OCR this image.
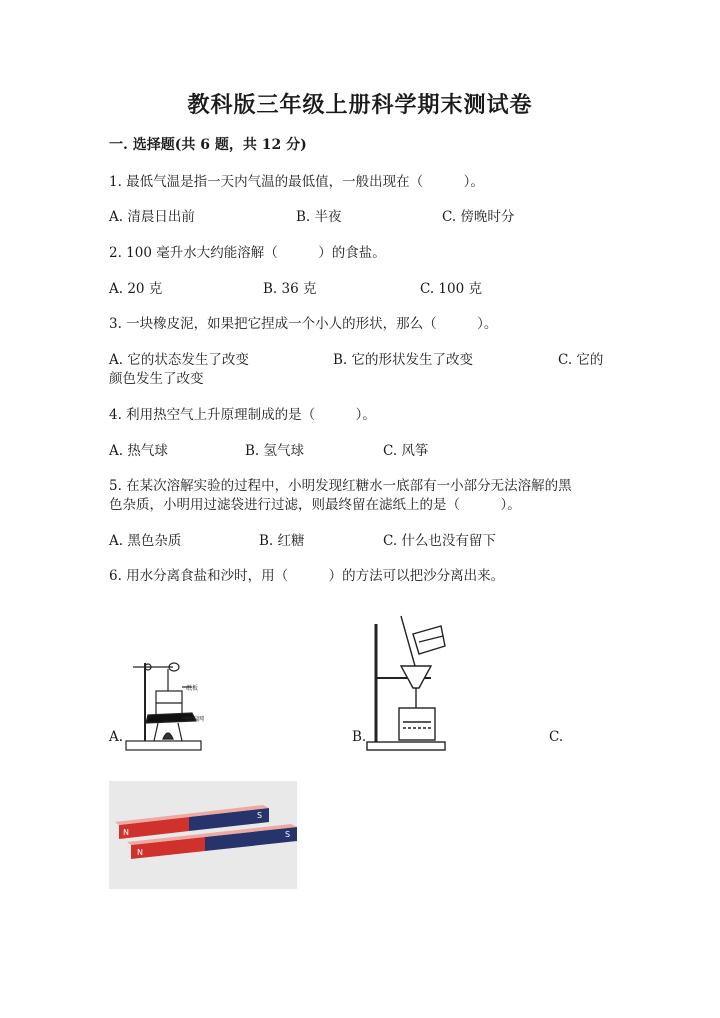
教科版三年级上册科学期末测试卷
一. 选择题(共 6 题，共 12 分)
1. 最低气温是指一天内气温的最低值，一般出现在（　　　）。
A. 清晨日出前	B. 半夜	C. 傍晚时分
2. 100 毫升水大约能溶解（　　　）的食盐。
A. 20 克	B. 36 克	C. 100 克
3. 一块橡皮泥，如果把它捏成一个小人的形状，那么（　　　）。
A. 它的状态发生了改变	B. 它的形状发生了改变	C. 它的
颜色发生了改变
4. 利用热空气上升原理制成的是（　　　）。
A. 热气球	B. 氢气球	C. 风筝
5. 在某次溶解实验的过程中，小明发现红糖水一底部有一小部分无法溶解的黑
色杂质，小明用过滤袋进行过滤，则最终留在滤纸上的是（　　　）。
A. 黑色杂质	B. 红糖	C. 什么也没有留下
6. 用水分离食盐和沙时，用（　　　）的方法可以把沙分离出来。
A.	B.	C.
纸板
石棉网
N
S
N
S
